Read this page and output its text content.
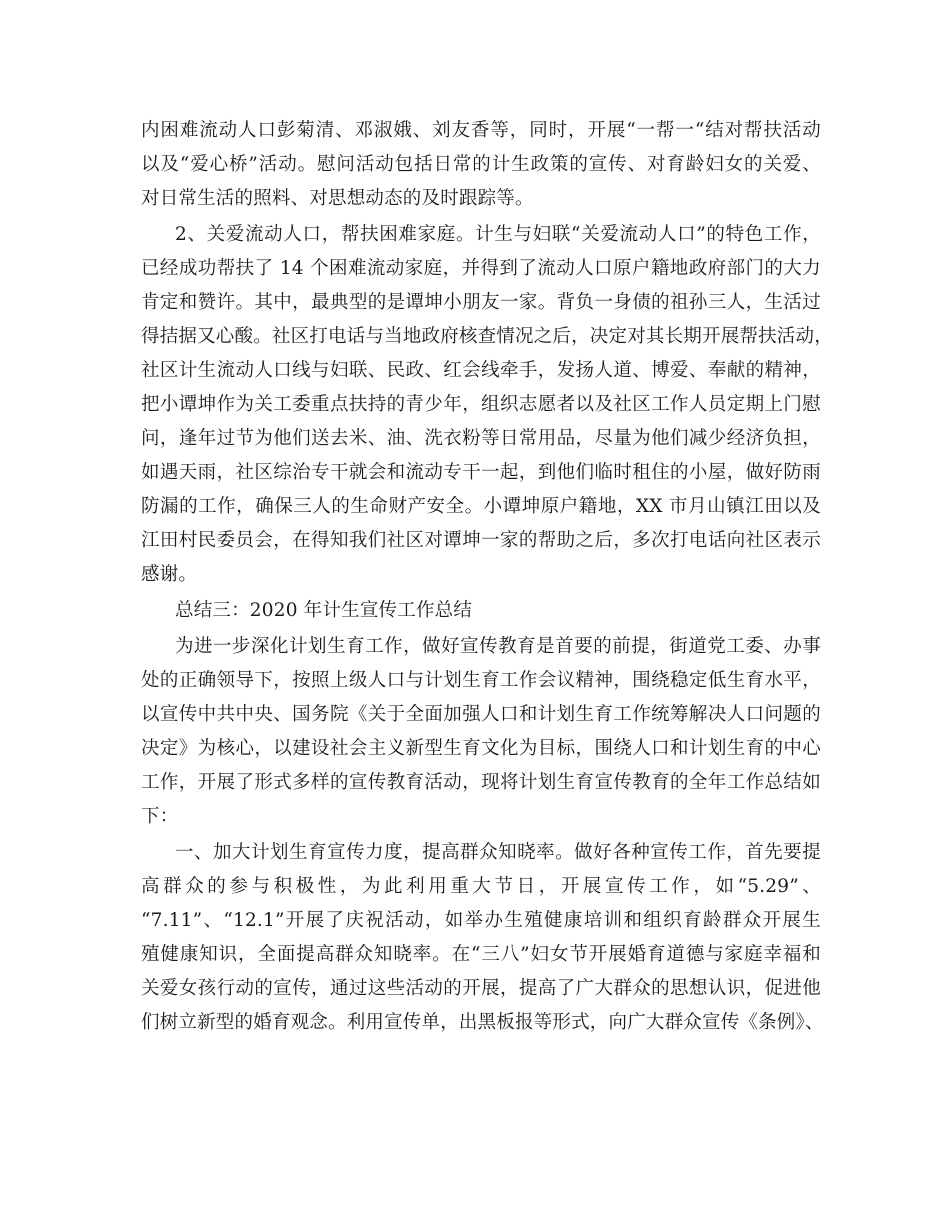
内困难流动人口彭菊清、邓淑娥、刘友香等，同时，开展“一帮一“结对帮扶活动
以及“爱心桥”活动。慰问活动包括日常的计生政策的宣传、对育龄妇女的关爱、
对日常生活的照料、对思想动态的及时跟踪等。
2、关爱流动人口，帮扶困难家庭。计生与妇联“关爱流动人口”的特色工作，
已经成功帮扶了 14 个困难流动家庭，并得到了流动人口原户籍地政府部门的大力
肯定和赞许。其中，最典型的是谭坤小朋友一家。背负一身债的祖孙三人，生活过
得拮据又心酸。社区打电话与当地政府核查情况之后，决定对其长期开展帮扶活动，
社区计生流动人口线与妇联、民政、红会线牵手，发扬人道、博爱、奉献的精神，
把小谭坤作为关工委重点扶持的青少年，组织志愿者以及社区工作人员定期上门慰
问，逢年过节为他们送去米、油、洗衣粉等日常用品，尽量为他们减少经济负担，
如遇天雨，社区综治专干就会和流动专干一起，到他们临时租住的小屋，做好防雨
防漏的工作，确保三人的生命财产安全。小谭坤原户籍地，XX 市月山镇江田以及
江田村民委员会，在得知我们社区对谭坤一家的帮助之后，多次打电话向社区表示
感谢。
总结三：2020 年计生宣传工作总结
为进一步深化计划生育工作，做好宣传教育是首要的前提，街道党工委、办事
处的正确领导下，按照上级人口与计划生育工作会议精神，围绕稳定低生育水平，
以宣传中共中央、国务院《关于全面加强人口和计划生育工作统筹解决人口问题的
决定》为核心，以建设社会主义新型生育文化为目标，围绕人口和计划生育的中心
工作，开展了形式多样的宣传教育活动，现将计划生育宣传教育的全年工作总结如
下：
一、加大计划生育宣传力度，提高群众知晓率。做好各种宣传工作，首先要提
高群众的参与积极性，为此利用重大节日，开展宣传工作，如“5.29”、
“7.11”、“12.1”开展了庆祝活动，如举办生殖健康培训和组织育龄群众开展生
殖健康知识，全面提高群众知晓率。在“三八”妇女节开展婚育道德与家庭幸福和
关爱女孩行动的宣传，通过这些活动的开展，提高了广大群众的思想认识，促进他
们树立新型的婚育观念。利用宣传单，出黑板报等形式，向广大群众宣传《条例》、
